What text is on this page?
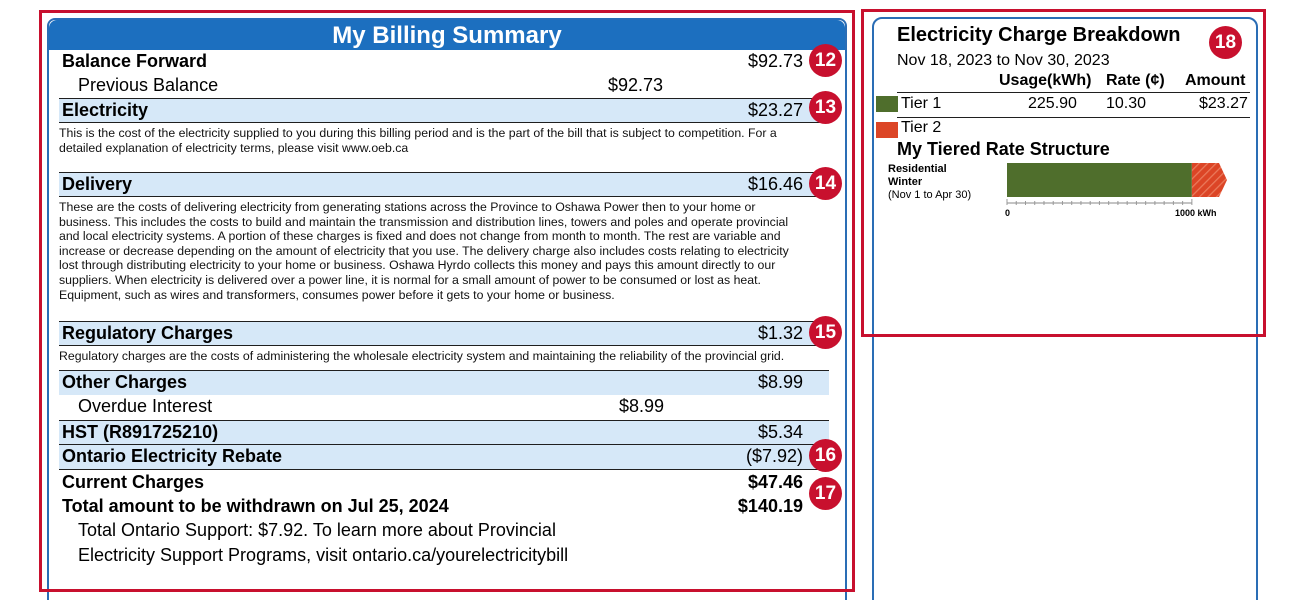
My Billing Summary
Balance Forward	$92.73 12
Previous Balance	$92.73
Electricity	$23.27 13
This is the cost of the electricity supplied to you during this billing period and is the part of the bill that is subject to competition. For a
detailed explanation of electricity terms, please visit www.oeb.ca
Delivery	$16.46 14
These are the costs of delivering electricity from generating stations across the Province to Oshawa Power then to your home or
business. This includes the costs to build and maintain the transmission and distribution lines, towers and poles and operate provincial
and local electricity systems. A portion of these charges is fixed and does not change from month to month. The rest are variable and
increase or decrease depending on the amount of electricity that you use. The delivery charge also includes costs relating to electricity
lost through distributing electricity to your home or business. Oshawa Hyrdo collects this money and pays this amount directly to our
suppliers. When electricity is delivered over a power line, it is normal for a small amount of power to be consumed or lost as heat.
Equipment, such as wires and transformers, consumes power before it gets to your home or business.
Regulatory Charges	$1.32 15
Regulatory charges are the costs of administering the wholesale electricity system and maintaining the reliability of the provincial grid.
Other Charges	$8.99
Overdue Interest	$8.99
HST (R891725210)	$5.34
Ontario Electricity Rebate	($7.92) 16
Current Charges	$47.46
Total amount to be withdrawn on Jul 25, 2024	$140.19
17
Total Ontario Support: $7.92. To learn more about Provincial
Electricity Support Programs, visit ontario.ca/yourelectricitybill
Electricity Charge Breakdown	18
Nov 18, 2023 to Nov 30, 2023
Usage(kWh) Rate (¢) Amount
Tier 1	225.90 10.30	$23.27
Tier 2
My Tiered Rate Structure
Residential
Winter
(Nov 1 to Apr 30)
0	1000 kWh
